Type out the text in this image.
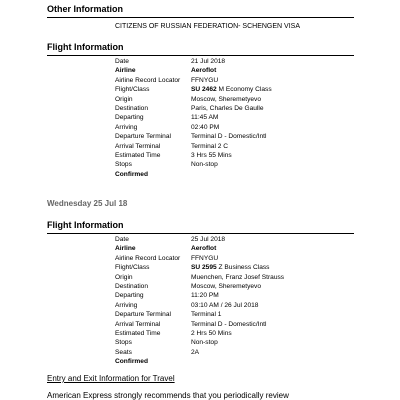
Other Information
CITIZENS OF RUSSIAN FEDERATION- SCHENGEN VISA
Flight Information
Date	21 Jul 2018
Airline	Aeroflot
Airline Record Locator	FFNYGU
Flight/Class	SU 2462 M Economy Class
Origin	Moscow, Sheremetyevo
Destination	Paris, Charles De Gaulle
Departing	11:45 AM
Arriving	02:40 PM
Departure Terminal	Terminal D - Domestic/Intl
Arrival Terminal	Terminal 2 C
Estimated Time	3 Hrs 55 Mins
Stops	Non-stop
Confirmed
Wednesday 25 Jul 18
Flight Information
Date	25 Jul 2018
Airline	Aeroflot
Airline Record Locator	FFNYGU
Flight/Class	SU 2595 Z Business Class
Origin	Muenchen, Franz Josef Strauss
Destination	Moscow, Sheremetyevo
Departing	11:20 PM
Arriving	03:10 AM / 26 Jul 2018
Departure Terminal	Terminal 1
Arrival Terminal	Terminal D - Domestic/Intl
Estimated Time	2 Hrs 50 Mins
Stops	Non-stop
Seats	2A
Confirmed
Entry and Exit Information for Travel
American Express strongly recommends that you periodically review
